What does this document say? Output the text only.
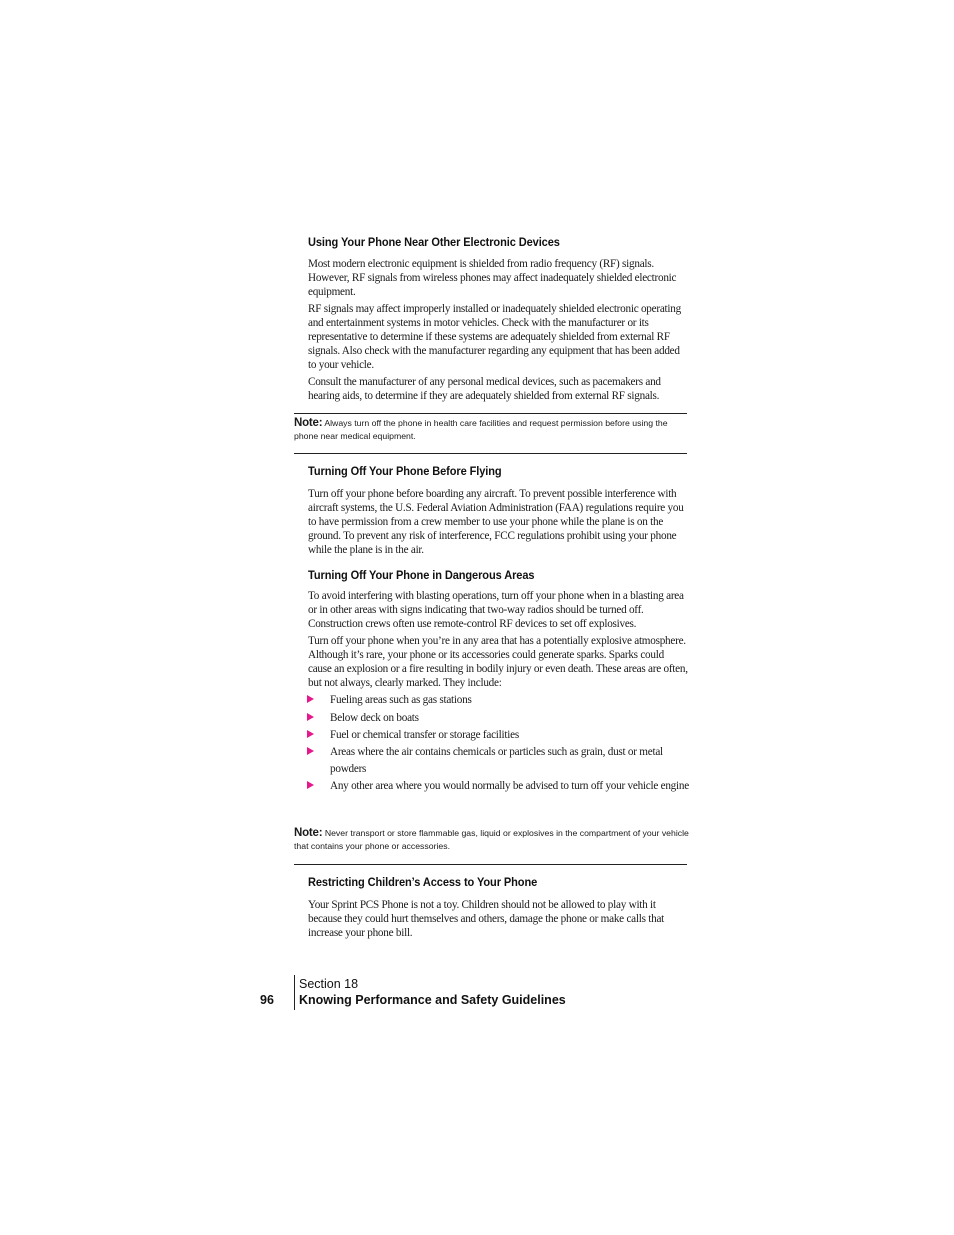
Using Your Phone Near Other Electronic Devices

Most modern electronic equipment is shielded from radio frequency (RF) signals. However, RF signals from wireless phones may affect inadequately shielded electronic equipment.

RF signals may affect improperly installed or inadequately shielded electronic operating and entertainment systems in motor vehicles. Check with the manufacturer or its representative to determine if these systems are adequately shielded from external RF signals. Also check with the manufacturer regarding any equipment that has been added to your vehicle.

Consult the manufacturer of any personal medical devices, such as pacemakers and hearing aids, to determine if they are adequately shielded from external RF signals.

Note: Always turn off the phone in health care facilities and request permission before using the phone near medical equipment.
Turning Off Your Phone Before Flying

Turn off your phone before boarding any aircraft. To prevent possible interference with aircraft systems, the U.S. Federal Aviation Administration (FAA) regulations require you to have permission from a crew member to use your phone while the plane is on the ground. To prevent any risk of interference, FCC regulations prohibit using your phone while the plane is in the air.

Turning Off Your Phone in Dangerous Areas

To avoid interfering with blasting operations, turn off your phone when in a blasting area or in other areas with signs indicating that two-way radios should be turned off. Construction crews often use remote-control RF devices to set off explosives.

Turn off your phone when you’re in any area that has a potentially explosive atmosphere. Although it’s rare, your phone or its accessories could generate sparks. Sparks could cause an explosion or a fire resulting in bodily injury or even death. These areas are often, but not always, clearly marked. They include:

Fueling areas such as gas stations
Below deck on boats
Fuel or chemical transfer or storage facilities
Areas where the air contains chemicals or particles such as grain, dust or metal powders
Any other area where you would normally be advised to turn off your vehicle engine
Note: Never transport or store flammable gas, liquid or explosives in the compartment of your vehicle that contains your phone or accessories.
Restricting Children’s Access to Your Phone

Your Sprint PCS Phone is not a toy. Children should not be allowed to play with it because they could hurt themselves and others, damage the phone or make calls that increase your phone bill.

96
Section 18
Knowing Performance and Safety Guidelines
